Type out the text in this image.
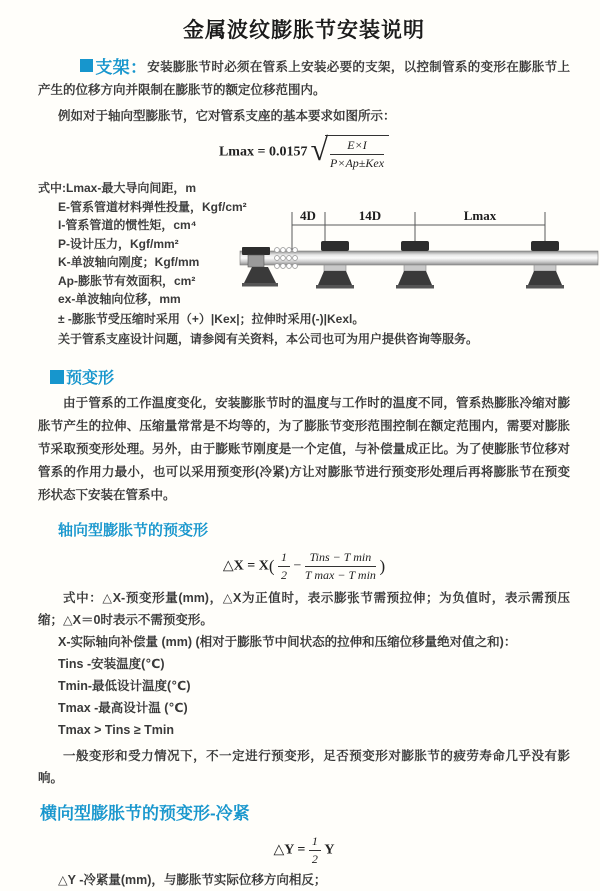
金属波纹膨胀节安装说明

支架：安装膨胀节时必须在管系上安装必要的支架，以控制管系的变形在膨胀节上产生的位移方向并限制在膨胀节的额定位移范围内。

例如对于轴向型膨胀节，它对管系支座的基本要求如图所示：

$Lmax = 0.0157√ \frac{E\times I}{\text{P×Ap±Kex}}$
式中:Lmax-最大导向间距，m
E-管系管道材料弹性投量，Kgf/cm²
I-管系管道的惯性矩，cm⁴
P-设计压力，Kgf/mm²
K-单波轴向刚度；Kgf/mm
Ap-膨胀节有效面积，cm²
ex-单波轴向位移，mm
4D	14D	Lmax

± -膨胀节受压缩时采用（+）|Kex|；拉伸时采用(-)|Kexl。

关于管系支座设计问题，请参阅有关资料，本公司也可为用户提供咨询等服务。

预变形

由于管系的工作温度变化，安装膨胀节时的温度与工作时的温度不同，管系热膨胀冷缩对膨胀节产生的拉伸、压缩量常常是不均等的，为了膨胀节变形范围控制在额定范围内，需要对膨胀节采取预变形处理。另外，由于膨账节刚度是一个定值，与补偿量成正比。为了使膨胀节位移对管系的作用力最小，也可以采用预变形(冷紧)方让对膨胀节进行预变形处理后再将膨胀节在预变形状态下安装在管系中。

轴向型膨胀节的预变形
△X = $X( \frac{1}{2} - \frac{\text{Tins − T min}}{\text{T max − T min}}$ )

式中：△X-预变形量(mm)，△X为正值时，表示膨张节需预拉伸；为负值时，表示需预压缩；△X＝0时表示不需预变形。

X-实际轴向补偿量 (mm) (相对于膨胀节中间状态的拉伸和压缩位移量绝对值之和)：

Tins -安装温度(℃)

Tmin-最低设计温度(℃)

Tmax -最高设计温 (℃)

Tmax > Tins ≥ Tmin

一般变形和受力情况下，不一定进行预变形，足否预变形对膨胀节的疲劳寿命几乎没有影响。

横向型膨胀节的预变形-冷紧
△Y = $\frac{1}{2}$ Y

△Y -冷紧量(mm)，与膨胀节实际位移方向相反；
